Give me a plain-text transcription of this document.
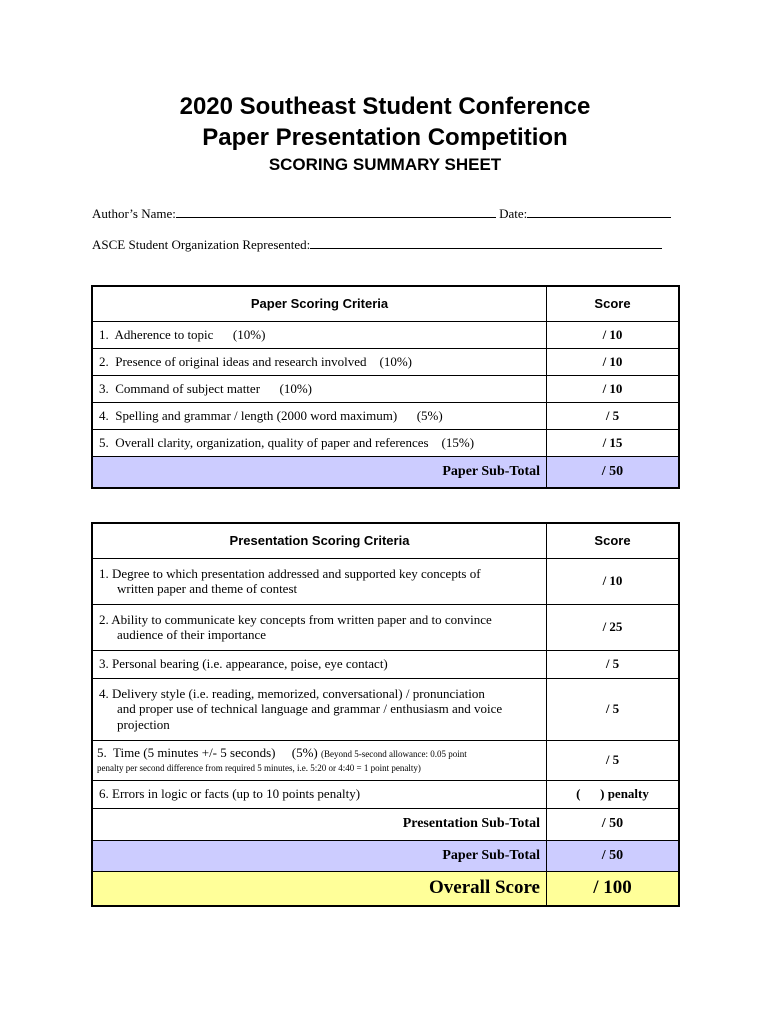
2020 Southeast Student Conference
Paper Presentation Competition
SCORING SUMMARY SHEET
Author’s Name:	Date:
ASCE Student Organization Represented:
Paper Scoring Criteria	Score
1.  Adherence to topic      (10%)	/ 10
2.  Presence of original ideas and research involved    (10%)	/ 10
3.  Command of subject matter      (10%)	/ 10
4.  Spelling and grammar / length (2000 word maximum)      (5%)	/ 5
5.  Overall clarity, organization, quality of paper and references    (15%)	/ 15
Paper Sub-Total	/ 50
Presentation Scoring Criteria	Score

1. Degree to which presentation addressed and supported key concepts of
written paper and theme of contest	/ 10

2. Ability to communicate key concepts from written paper and to convince
audience of their importance	/ 25
3. Personal bearing (i.e. appearance, poise, eye contact)	/ 5

4. Delivery style (i.e. reading, memorized, conversational) / pronunciation
and proper use of technical language and grammar / enthusiasm and voice
projection	/ 5

5.  Time (5 minutes +/- 5 seconds)     (5%) (Beyond 5-second allowance: 0.05 point
penalty per second difference from required 5 minutes, i.e. 5:20 or 4:40 = 1 point penalty)	/ 5
6. Errors in logic or facts (up to 10 points penalty)	( ) penalty
Presentation Sub-Total	/ 50
Paper Sub-Total	/ 50
Overall Score	/ 100
